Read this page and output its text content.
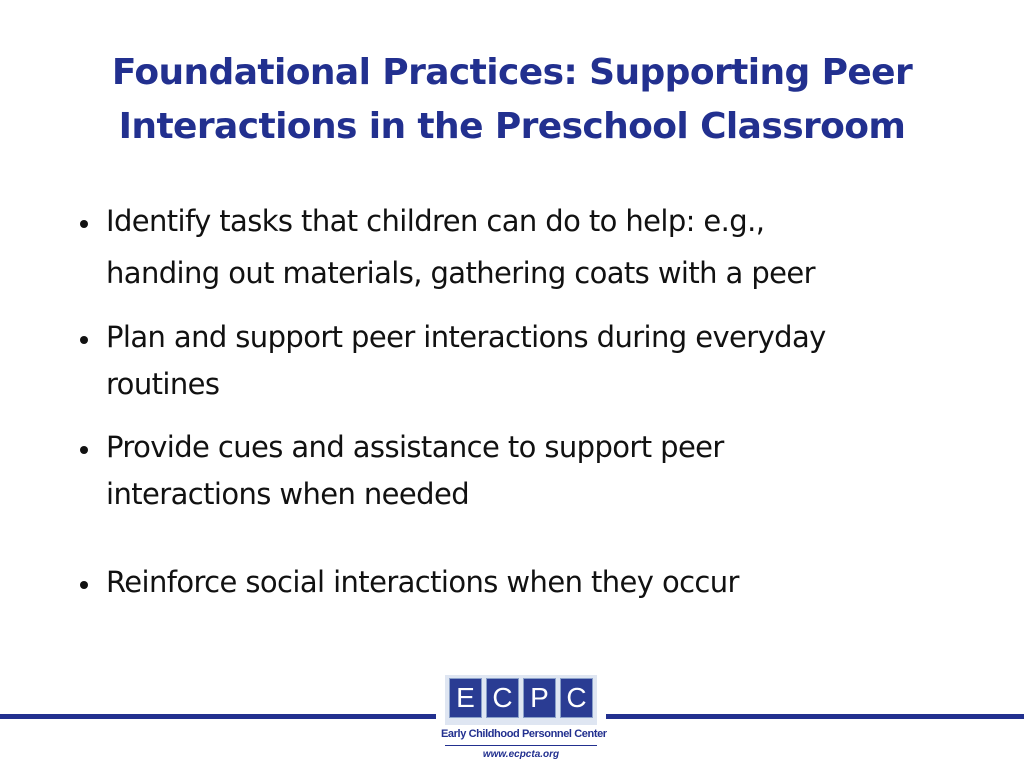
Foundational Practices: Supporting Peer
Interactions in the Preschool Classroom
Identify tasks that children can do to help: e.g.,
handing out materials, gathering coats with a peer
Plan and support peer interactions during everyday
routines
Provide cues and assistance to support peer
interactions when needed
Reinforce social interactions when they occur
E C P C
Early Childhood Personnel Center
www.ecpcta.org
